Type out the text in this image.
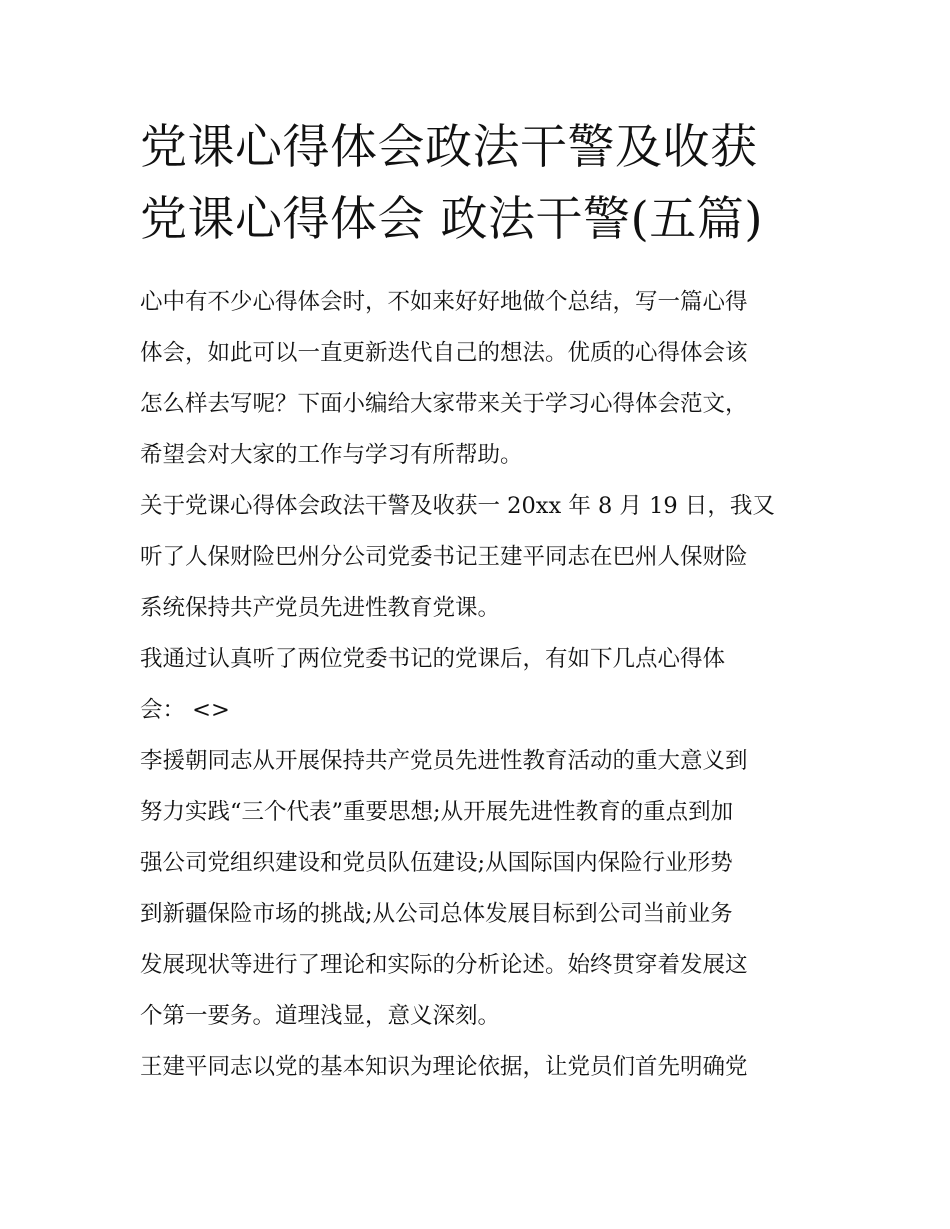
党课心得体会政法干警及收获
党课心得体会 政法干警(五篇)

心中有不少心得体会时，不如来好好地做个总结，写一篇心得
体会，如此可以一直更新迭代自己的想法。优质的心得体会该
怎么样去写呢？下面小编给大家带来关于学习心得体会范文，
希望会对大家的工作与学习有所帮助。

关于党课心得体会政法干警及收获一 20xx 年 8 月 19 日，我又
听了人保财险巴州分公司党委书记王建平同志在巴州人保财险
系统保持共产党员先进性教育党课。

我通过认真听了两位党委书记的党课后，有如下几点心得体
会： <>

李援朝同志从开展保持共产党员先进性教育活动的重大意义到
努力实践“三个代表”重要思想;从开展先进性教育的重点到加
强公司党组织建设和党员队伍建设;从国际国内保险行业形势
到新疆保险市场的挑战;从公司总体发展目标到公司当前业务
发展现状等进行了理论和实际的分析论述。始终贯穿着发展这
个第一要务。道理浅显，意义深刻。

王建平同志以党的基本知识为理论依据，让党员们首先明确党
